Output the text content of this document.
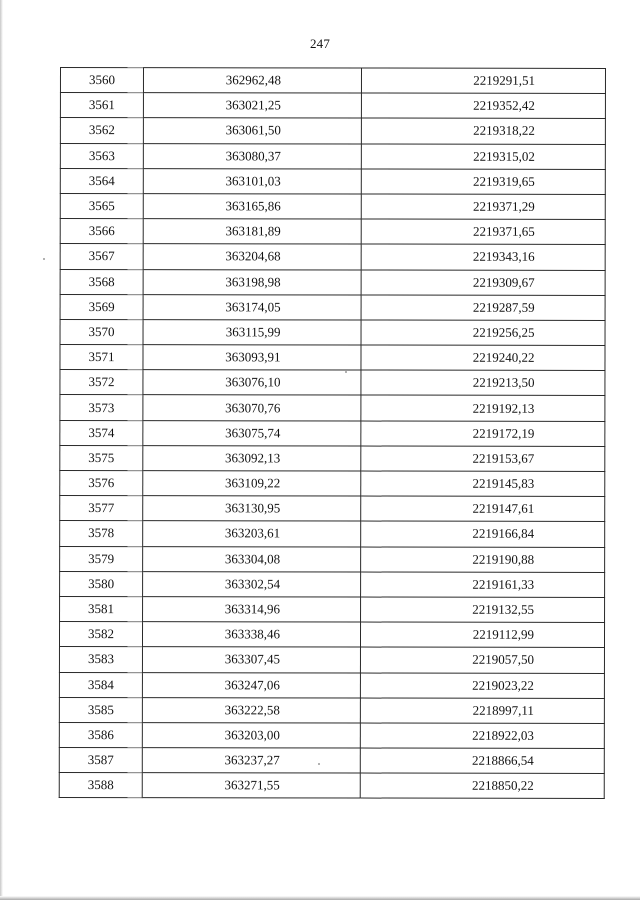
247
3560	362962,48	2219291,51
3561	363021,25	2219352,42
3562	363061,50	2219318,22
3563	363080,37	2219315,02
3564	363101,03	2219319,65
3565	363165,86	2219371,29
3566	363181,89	2219371,65
3567	363204,68	2219343,16
3568	363198,98	2219309,67
3569	363174,05	2219287,59
3570	363115,99	2219256,25
3571	363093,91	2219240,22
3572	363076,10	2219213,50
3573	363070,76	2219192,13
3574	363075,74	2219172,19
3575	363092,13	2219153,67
3576	363109,22	2219145,83
3577	363130,95	2219147,61
3578	363203,61	2219166,84
3579	363304,08	2219190,88
3580	363302,54	2219161,33
3581	363314,96	2219132,55
3582	363338,46	2219112,99
3583	363307,45	2219057,50
3584	363247,06	2219023,22
3585	363222,58	2218997,11
3586	363203,00	2218922,03
3587	363237,27	2218866,54
3588	363271,55	2218850,22
